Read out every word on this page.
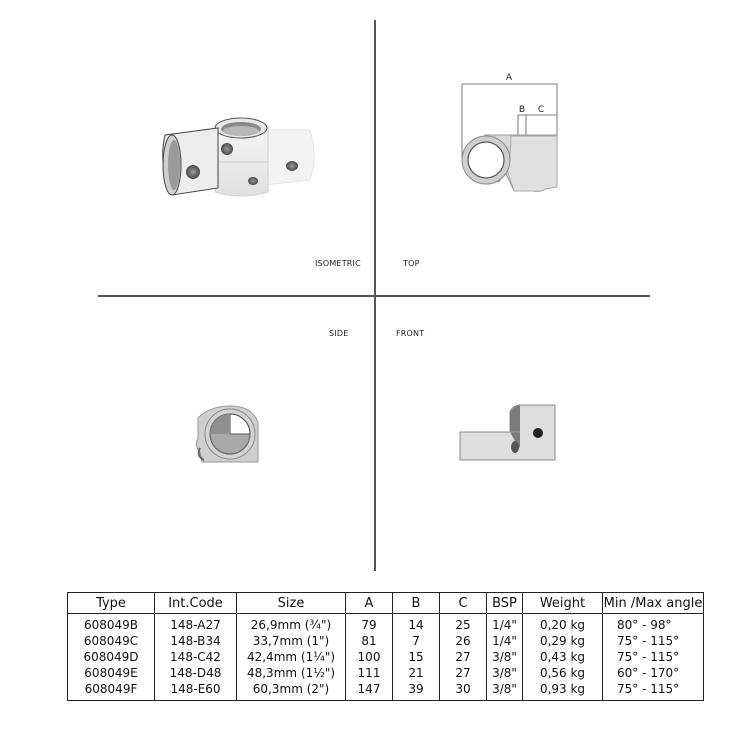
A
B C
ISOMETRIC	TOP
SIDE	FRONT
Type	Int.Code	Size	A	B	C	BSP	Weight	Min /Max angle
608049B	148-A27	26,9mm (¾")	79	14	25	1/4"	0,20 kg	80° - 98°
608049C	148-B34	33,7mm (1")	81	7	26	1/4"	0,29 kg	75° - 115°
608049D	148-C42	42,4mm (1¼")	100	15	27	3/8"	0,43 kg	75° - 115°
608049E	148-D48	48,3mm (1½")	111	21	27	3/8"	0,56 kg	60° - 170°
608049F	148-E60	60,3mm (2")	147	39	30	3/8"	0,93 kg	75° - 115°
